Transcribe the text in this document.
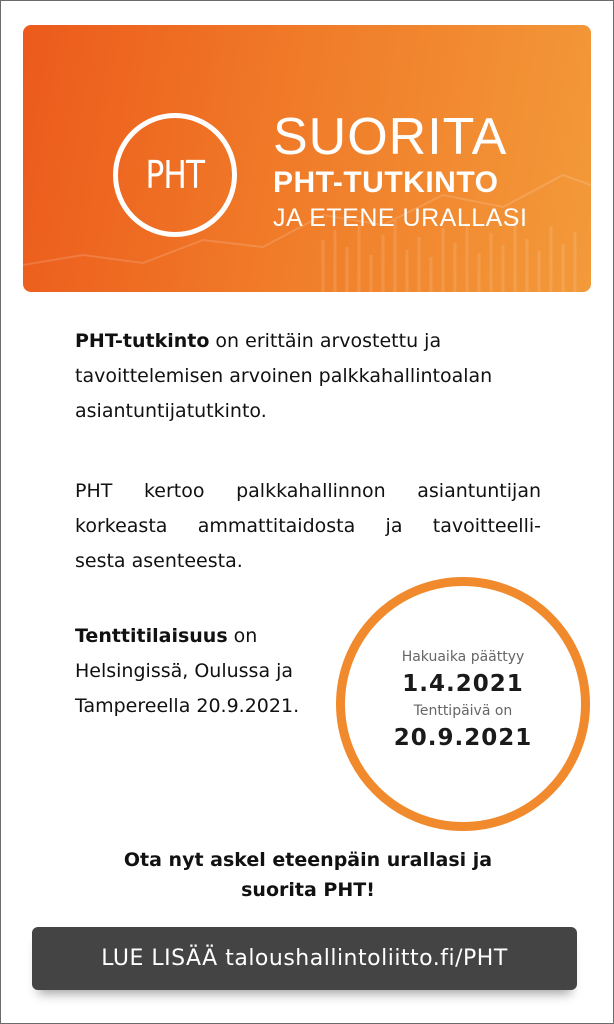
PHT
SUORITA
PHT-TUTKINTO
JA ETENE URALLASI
PHT-tutkinto on erittäin arvostettu ja
tavoittelemisen arvoinen palkkahallintoalan
asiantuntijatutkinto.
PHT kertoo palkkahallinnon asiantuntijan
korkeasta ammattitaidosta ja tavoitteelli-
sesta asenteesta.
Tenttitilaisuus on
Helsingissä, Oulussa ja
Tampereella 20.9.2021.
Hakuaika päättyy
1.4.2021
Tenttipäivä on
20.9.2021
Ota nyt askel eteenpäin urallasi ja
suorita PHT!
LUE LISÄÄ taloushallintoliitto.fi/PHT
